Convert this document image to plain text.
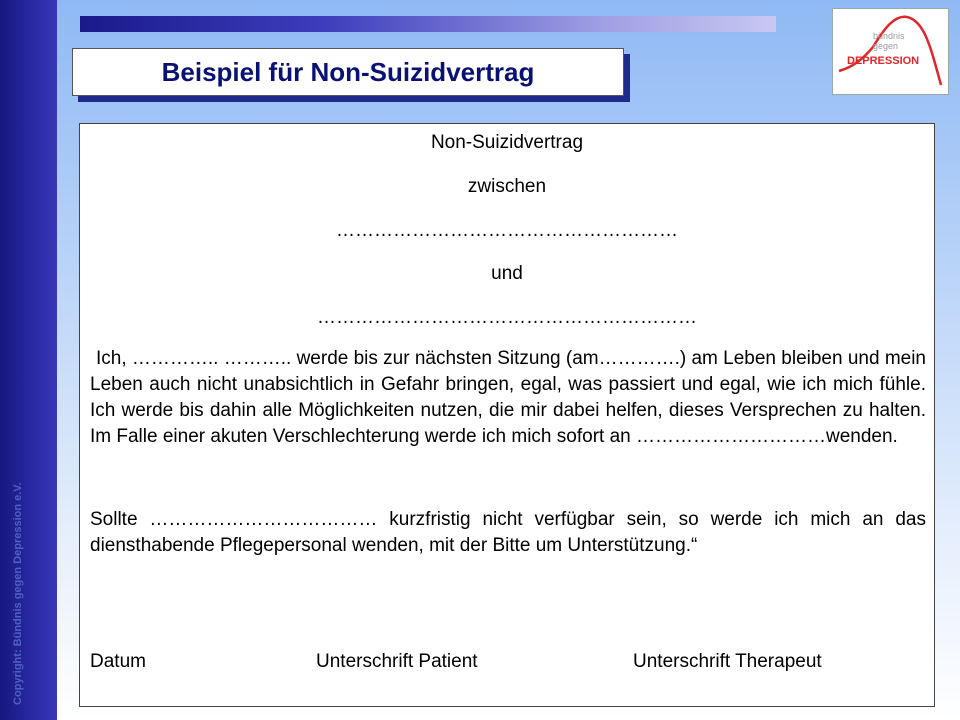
Copyright: Bündnis gegen Depression e.V.
Beispiel für Non-Suizidvertrag
bündnis
gegen
DEPRESSION
Non-Suizidvertrag
zwischen
………………………………………………
und
……………………………………………………
Ich, ………….. ……….. werde bis zur nächsten Sitzung (am………….) am Leben bleiben und mein Leben auch nicht unabsichtlich in Gefahr bringen, egal, was passiert und egal, wie ich mich fühle. Ich werde bis dahin alle Möglichkeiten nutzen, die mir dabei helfen, dieses Versprechen zu halten. Im Falle einer akuten Verschlechterung werde ich mich sofort an …………………………wenden.
Sollte ……………………………… kurzfristig nicht verfügbar sein, so werde ich mich an das diensthabende Pflegepersonal wenden, mit der Bitte um Unterstützung.“
Datum	Unterschrift Patient	Unterschrift Therapeut
